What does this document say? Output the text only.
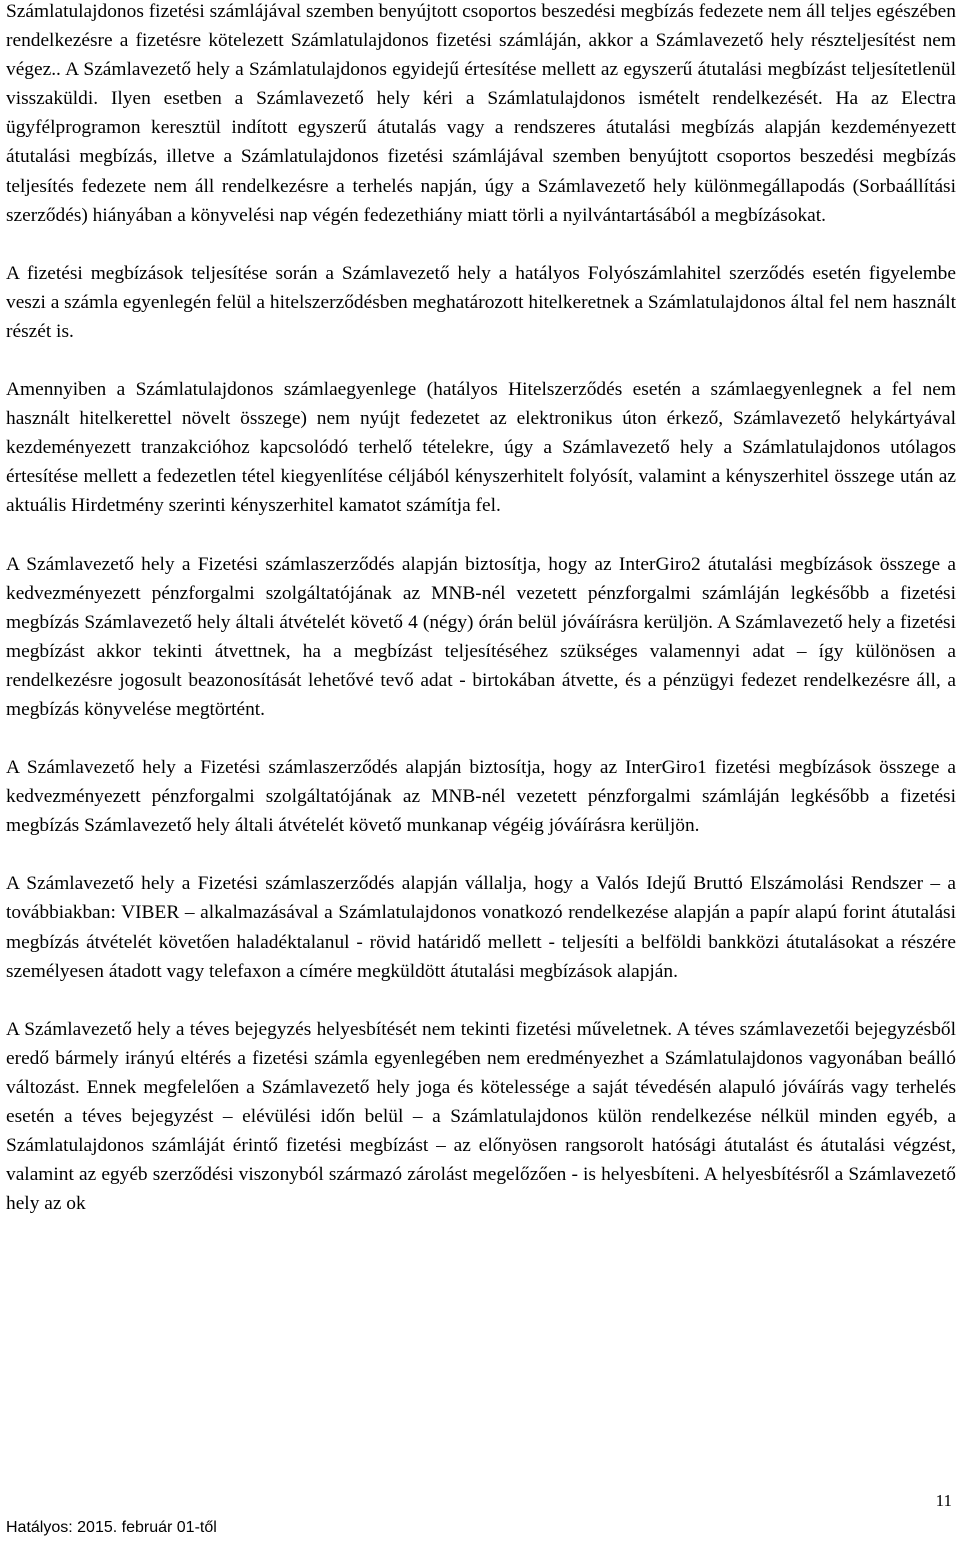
Számlatulajdonos fizetési számlájával szemben benyújtott csoportos beszedési megbízás fedezete nem áll teljes egészében rendelkezésre a fizetésre kötelezett Számlatulajdonos fizetési számláján, akkor a Számlavezető hely részteljesítést nem végez.. A Számlavezető hely a Számlatulajdonos egyidejű értesítése mellett az egyszerű átutalási megbízást teljesítetlenül visszaküldi. Ilyen esetben a Számlavezető hely kéri a Számlatulajdonos ismételt rendelkezését. Ha az Electra ügyfélprogramon keresztül indított egyszerű átutalás vagy a rendszeres átutalási megbízás alapján kezdeményezett átutalási megbízás, illetve a Számlatulajdonos fizetési számlájával szemben benyújtott csoportos beszedési megbízás teljesítés fedezete nem áll rendelkezésre a terhelés napján, úgy a Számlavezető hely különmegállapodás (Sorbaállítási szerződés) hiányában a könyvelési nap végén fedezethiány miatt törli a nyilvántartásából a megbízásokat.

A fizetési megbízások teljesítése során a Számlavezető hely a hatályos Folyószámlahitel szerződés esetén figyelembe veszi a számla egyenlegén felül a hitelszerződésben meghatározott hitelkeretnek a Számlatulajdonos által fel nem használt részét is.

Amennyiben a Számlatulajdonos számlaegyenlege (hatályos Hitelszerződés esetén a számlaegyenlegnek a fel nem használt hitelkerettel növelt összege) nem nyújt fedezetet az elektronikus úton érkező, Számlavezető helykártyával kezdeményezett tranzakcióhoz kapcsolódó terhelő tételekre, úgy a Számlavezető hely a Számlatulajdonos utólagos értesítése mellett a fedezetlen tétel kiegyenlítése céljából kényszerhitelt folyósít, valamint a kényszerhitel összege után az aktuális Hirdetmény szerinti kényszerhitel kamatot számítja fel.

A Számlavezető hely a Fizetési számlaszerződés alapján biztosítja, hogy az InterGiro2 átutalási megbízások összege a kedvezményezett pénzforgalmi szolgáltatójának az MNB-nél vezetett pénzforgalmi számláján legkésőbb a fizetési megbízás Számlavezető hely általi átvételét követő 4 (négy) órán belül jóváírásra kerüljön. A Számlavezető hely a fizetési megbízást akkor tekinti átvettnek, ha a megbízást teljesítéséhez szükséges valamennyi adat – így különösen a rendelkezésre jogosult beazonosítását lehetővé tevő adat - birtokában átvette, és a pénzügyi fedezet rendelkezésre áll, a megbízás könyvelése megtörtént.

A Számlavezető hely a Fizetési számlaszerződés alapján biztosítja, hogy az InterGiro1 fizetési megbízások összege a kedvezményezett pénzforgalmi szolgáltatójának az MNB-nél vezetett pénzforgalmi számláján legkésőbb a fizetési megbízás Számlavezető hely általi átvételét követő munkanap végéig jóváírásra kerüljön.

A Számlavezető hely a Fizetési számlaszerződés alapján vállalja, hogy a Valós Idejű Bruttó Elszámolási Rendszer – a továbbiakban: VIBER – alkalmazásával a Számlatulajdonos vonatkozó rendelkezése alapján a papír alapú forint átutalási megbízás átvételét követően haladéktalanul - rövid határidő mellett - teljesíti a belföldi bankközi átutalásokat a részére személyesen átadott vagy telefaxon a címére megküldött átutalási megbízások alapján.

A Számlavezető hely a téves bejegyzés helyesbítését nem tekinti fizetési műveletnek. A téves számlavezetői bejegyzésből eredő bármely irányú eltérés a fizetési számla egyenlegében nem eredményezhet a Számlatulajdonos vagyonában beálló változást. Ennek megfelelően a Számlavezető hely joga és kötelessége a saját tévedésén alapuló jóváírás vagy terhelés esetén a téves bejegyzést – elévülési időn belül – a Számlatulajdonos külön rendelkezése nélkül minden egyéb, a Számlatulajdonos számláját érintő fizetési megbízást – az előnyösen rangsorolt hatósági átutalást és átutalási végzést, valamint az egyéb szerződési viszonyból származó zárolást megelőzően - is helyesbíteni. A helyesbítésről a Számlavezető hely az ok

11
Hatályos: 2015. február 01-től
